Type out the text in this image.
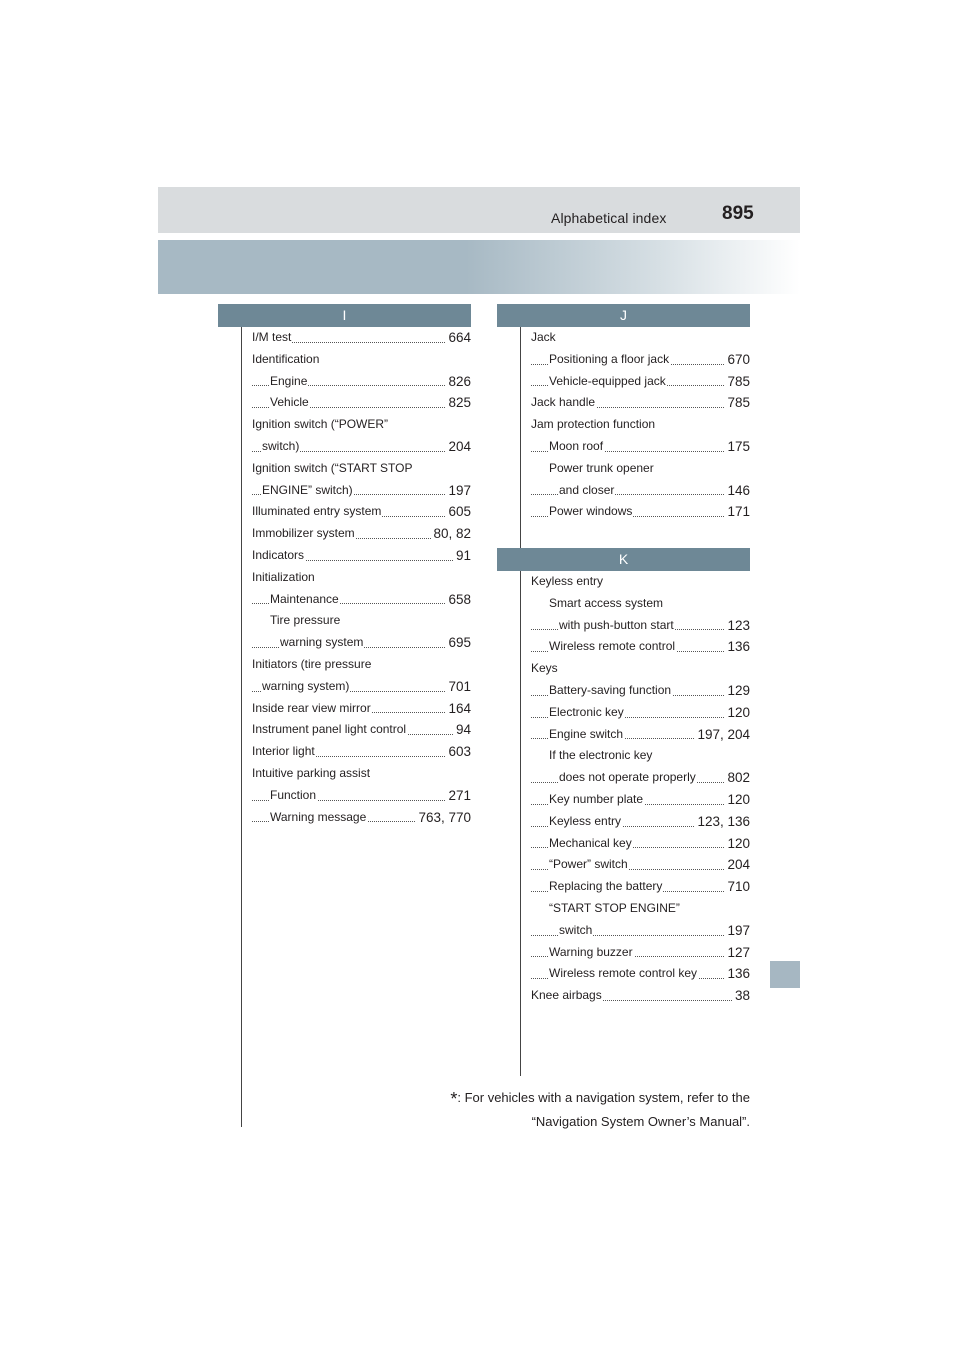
Alphabetical index	895
I	J
K
I/M test	664
Identification
Engine	826
Vehicle	825
Ignition switch (“POWER”
switch)	204
Ignition switch (“START STOP
ENGINE” switch)	197
Illuminated entry system	605
Immobilizer system	80, 82
Indicators	91
Initialization
Maintenance	658
Tire pressure
warning system	695
Initiators (tire pressure
warning system)	701
Inside rear view mirror	164
Instrument panel light control	94
Interior light	603
Intuitive parking assist
Function	271
Warning message	763, 770
Jack
Positioning a floor jack	670
Vehicle-equipped jack	785
Jack handle	785
Jam protection function
Moon roof	175
Power trunk opener
and closer	146
Power windows	171
Keyless entry
Smart access system
with push-button start	123
Wireless remote control	136
Keys
Battery-saving function	129
Electronic key	120
Engine switch	197, 204
If the electronic key
does not operate properly 802
Key number plate	120
Keyless entry	123, 136
Mechanical key	120
“Power” switch	204
Replacing the battery	710
“START STOP ENGINE”
switch	197
Warning buzzer	127
Wireless remote control key 136
Knee airbags	38
*: For vehicles with a navigation system, refer to the
“Navigation System Owner’s Manual”.
